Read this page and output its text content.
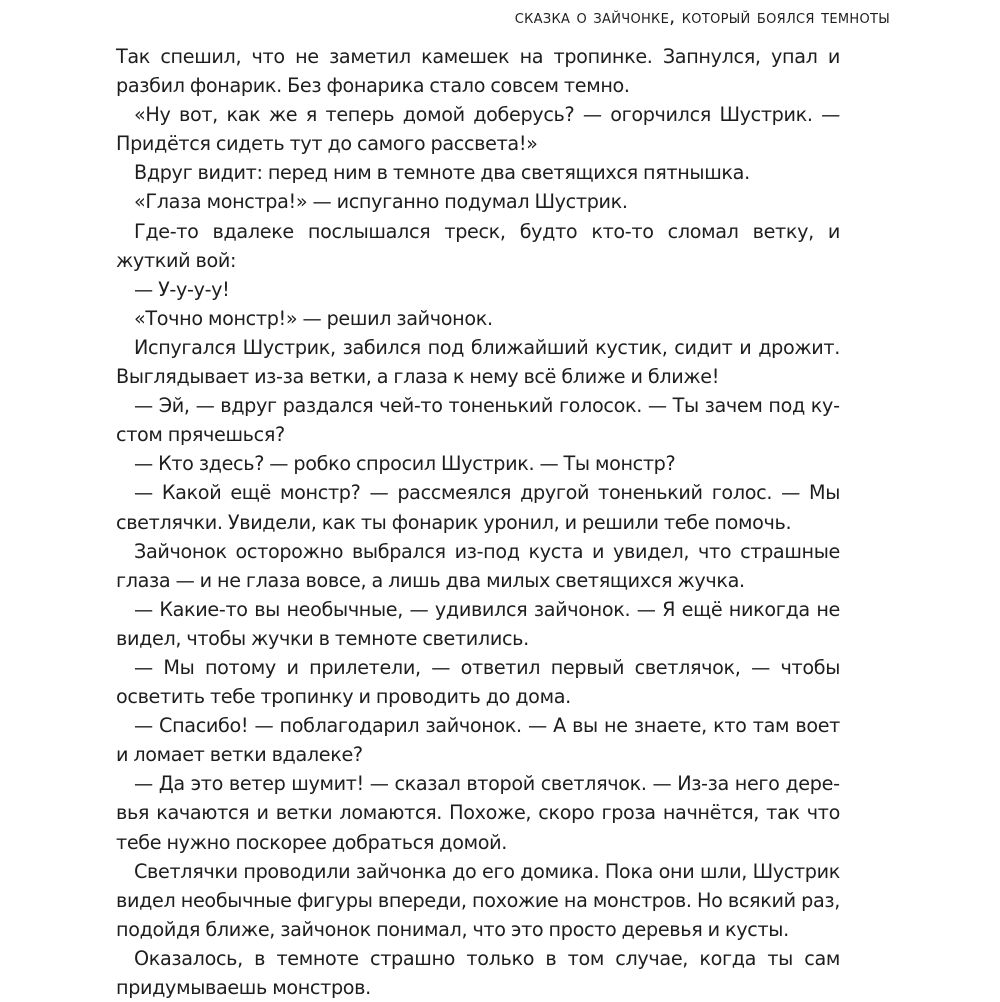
сказка о зайчонке, который боялся темноты

Так спешил, что не заметил камешек на тропинке. Запнулся, упал и разбил фонарик. Без фонарика стало совсем темно.

«Ну вот, как же я теперь домой доберусь? — огорчился Шустрик. — Придётся сидеть тут до самого рассвета!»

Вдруг видит: перед ним в темноте два светящихся пятнышка.

«Глаза монстра!» — испуганно подумал Шустрик.

Где-то вдалеке послышался треск, будто кто-то сломал ветку, и жуткий вой:

— У-у-у-у!

«Точно монстр!» — решил зайчонок.

Испугался Шустрик, забился под ближайший кустик, сидит и дрожит. Выглядывает из-за ветки, а глаза к нему всё ближе и ближе!

— Эй, — вдруг раздался чей-то тоненький голосок. — Ты зачем под кустом прячешься?

— Кто здесь? — робко спросил Шустрик. — Ты монстр?

— Какой ещё монстр? — рассмеялся другой тоненький голос. — Мы светлячки. Увидели, как ты фонарик уронил, и решили тебе помочь.

Зайчонок осторожно выбрался из-под куста и увидел, что страшные глаза — и не глаза вовсе, а лишь два милых светящихся жучка.

— Какие-то вы необычные, — удивился зайчонок. — Я ещё никогда не видел, чтобы жучки в темноте светились.

— Мы потому и прилетели, — ответил первый светлячок, — чтобы осветить тебе тропинку и проводить до дома.

— Спасибо! — поблагодарил зайчонок. — А вы не знаете, кто там воет и ломает ветки вдалеке?

— Да это ветер шумит! — сказал второй светлячок. — Из-за него деревья качаются и ветки ломаются. Похоже, скоро гроза начнётся, так что тебе нужно поскорее добраться домой.

Светлячки проводили зайчонка до его домика. Пока они шли, Шустрик видел необычные фигуры впереди, похожие на монстров. Но всякий раз, подойдя ближе, зайчонок понимал, что это просто деревья и кусты.

Оказалось, в темноте страшно только в том случае, когда ты сам придумываешь монстров.
